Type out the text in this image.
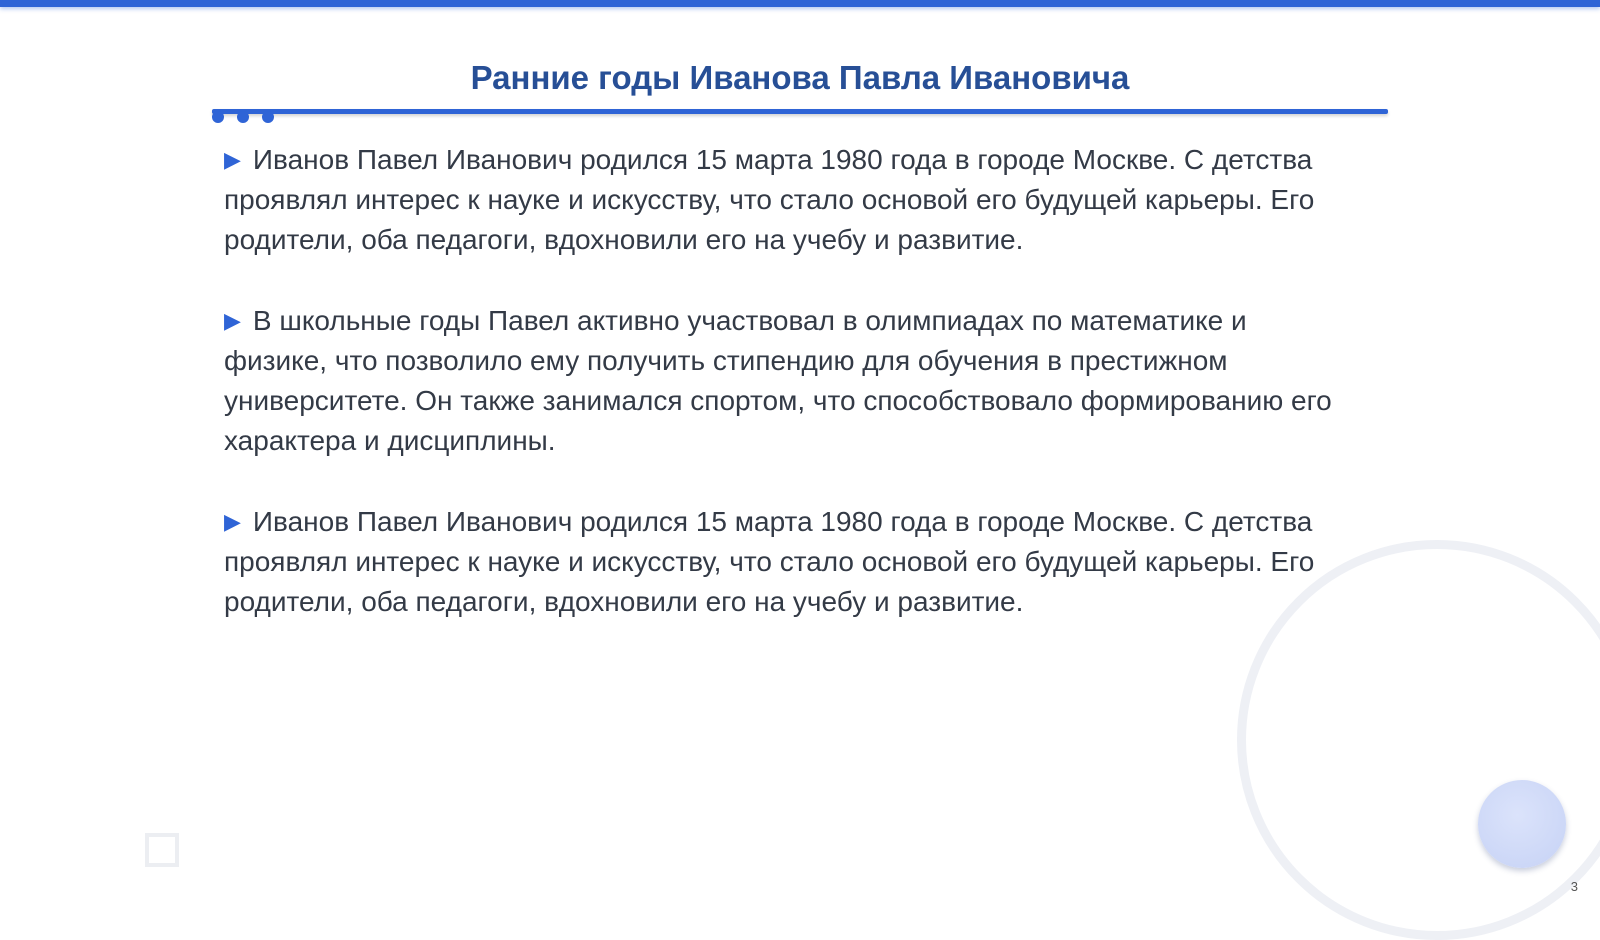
Ранние годы Иванова Павла Ивановича

▶ Иванов Павел Иванович родился 15 марта 1980 года в городе Москве. С детства проявлял интерес к науке и искусству, что стало основой его будущей карьеры. Его родители, оба педагоги, вдохновили его на учебу и развитие.

▶ В школьные годы Павел активно участвовал в олимпиадах по математике и физике, что позволило ему получить стипендию для обучения в престижном университете. Он также занимался спортом, что способствовало формированию его характера и дисциплины.

▶ Иванов Павел Иванович родился 15 марта 1980 года в городе Москве. С детства проявлял интерес к науке и искусству, что стало основой его будущей карьеры. Его родители, оба педагоги, вдохновили его на учебу и развитие.

3
